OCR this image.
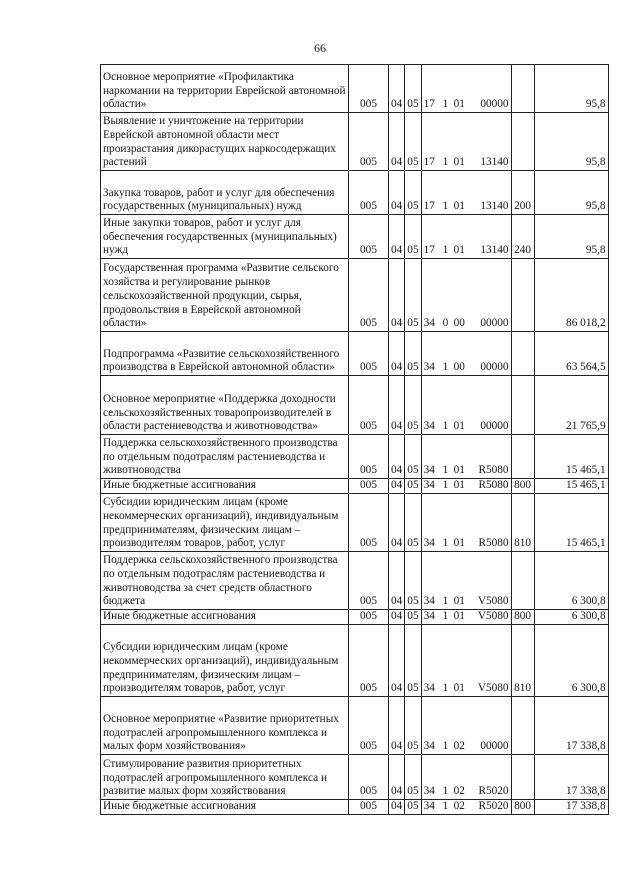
66
Основное мероприятие «Профилактика наркомании на территории Еврейской автономной области»	005	04	05	17 1 01 00000		95,8
Выявление и уничтожение на территории Еврейской автономной области мест произрастания дикорастущих наркосодержащих растений	005	04	05	17 1 01 13140		95,8
Закупка товаров, работ и услуг для обеспечения государственных (муниципальных) нужд	005	04	05	17 1 01 13140	200	95,8
Иные закупки товаров, работ и услуг для обеспечения государственных (муниципальных) нужд	005	04	05	17 1 01 13140	240	95,8
Государственная программа «Развитие сельского хозяйства и регулирование рынков сельскохозяйственной продукции, сырья, продовольствия в Еврейской автономной области»	005	04	05	34 0 00 00000		86 018,2
Подпрограмма «Развитие сельскохозяйственного производства в Еврейской автономной области»	005	04	05	34 1 00 00000		63 564,5
Основное мероприятие «Поддержка доходности сельскохозяйственных товаропроизводителей в области растениеводства и животноводства»	005	04	05	34 1 01 00000		21 765,9
Поддержка сельскохозяйственного производства по отдельным подотраслям растениеводства и животноводства	005	04	05	34 1 01 R5080		15 465,1
Иные бюджетные ассигнования	005	04	05	34 1 01 R5080	800	15 465,1
Субсидии юридическим лицам (кроме некоммерческих организаций), индивидуальным предпринимателям, физическим лицам – производителям товаров, работ, услуг	005	04	05	34 1 01 R5080	810	15 465,1
Поддержка сельскохозяйственного производства по отдельным подотраслям растениеводства и животноводства за счет средств областного бюджета	005	04	05	34 1 01 V5080		6 300,8
Иные бюджетные ассигнования	005	04	05	34 1 01 V5080	800	6 300,8
Субсидии юридическим лицам (кроме некоммерческих организаций), индивидуальным предпринимателям, физическим лицам – производителям товаров, работ, услуг	005	04	05	34 1 01 V5080	810	6 300,8
Основное мероприятие «Развитие приоритетных подотраслей агропромышленного комплекса и малых форм хозяйствования»	005	04	05	34 1 02 00000		17 338,8
Стимулирование развития приоритетных подотраслей агропромышленного комплекса и развитие малых форм хозяйствования	005	04	05	34 1 02 R5020		17 338,8
Иные бюджетные ассигнования	005	04	05	34 1 02 R5020	800	17 338,8
